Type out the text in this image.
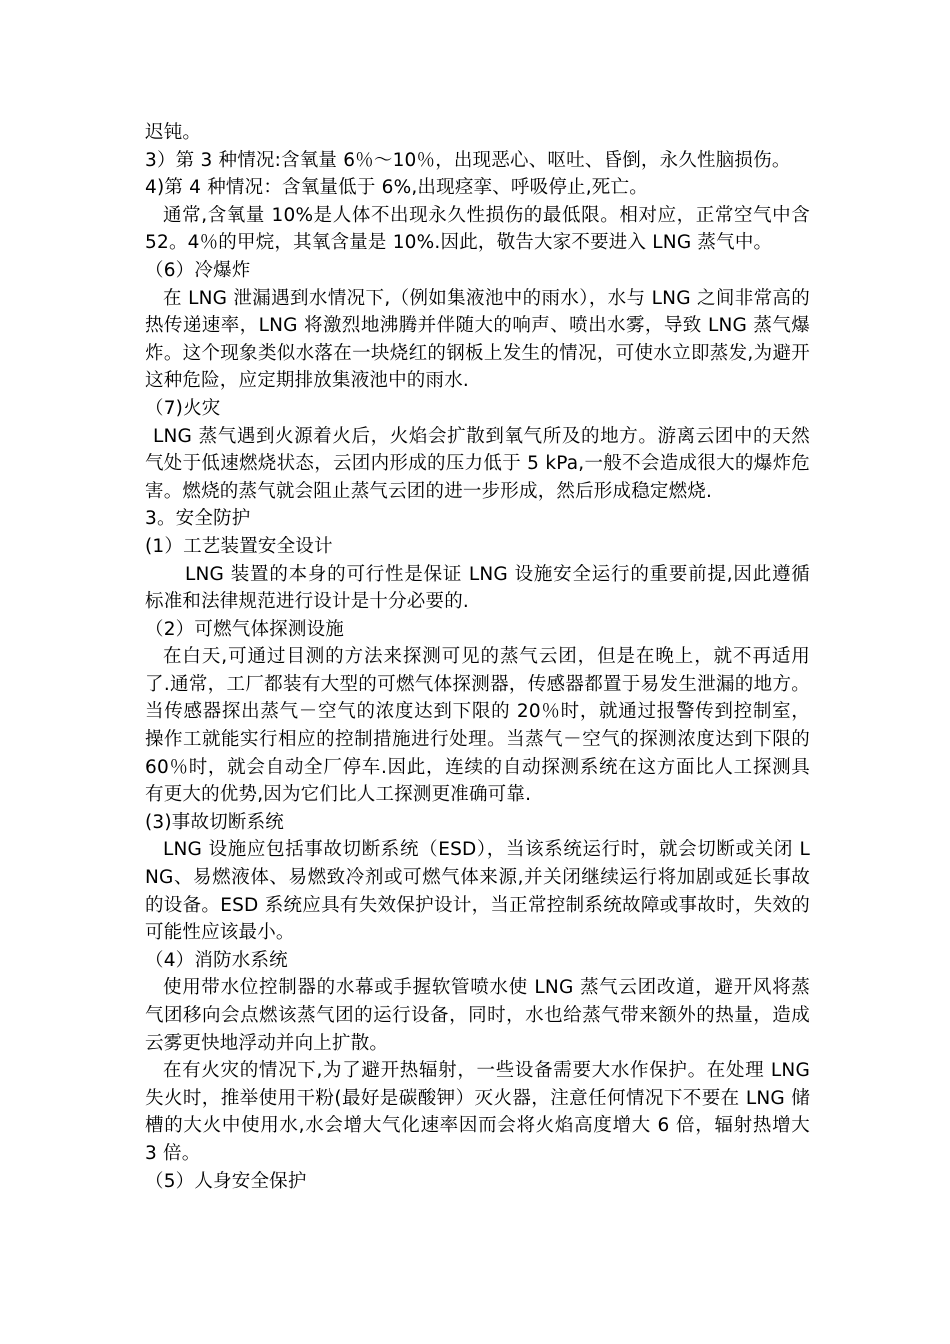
迟钝。

3）第 3 种情况:含氧量 6％～10％，出现恶心、呕吐、昏倒，永久性脑损伤。

4)第 4 种情况：含氧量低于 6%,出现痉挛、呼吸停止,死亡。

通常,含氧量 10%是人体不出现永久性损伤的最低限。相对应，正常空气中含 52。4％的甲烷，其氧含量是 10%.因此，敬告大家不要进入 LNG 蒸气中。

（6）冷爆炸

在 LNG 泄漏遇到水情况下,（例如集液池中的雨水），水与 LNG 之间非常高的热传递速率，LNG 将激烈地沸腾并伴随大的响声、喷出水雾，导致 LNG 蒸气爆炸。这个现象类似水落在一块烧红的钢板上发生的情况，可使水立即蒸发,为避开这种危险，应定期排放集液池中的雨水.

（7)火灾

LNG 蒸气遇到火源着火后，火焰会扩散到氧气所及的地方。游离云团中的天然气处于低速燃烧状态，云团内形成的压力低于 5 kPa,一般不会造成很大的爆炸危害。燃烧的蒸气就会阻止蒸气云团的进一步形成，然后形成稳定燃烧.

3。安全防护

(1）工艺装置安全设计

LNG 装置的本身的可行性是保证 LNG 设施安全运行的重要前提,因此遵循标准和法律规范进行设计是十分必要的.

（2）可燃气体探测设施

在白天,可通过目测的方法来探测可见的蒸气云团，但是在晚上，就不再适用了.通常，工厂都装有大型的可燃气体探测器，传感器都置于易发生泄漏的地方。当传感器探出蒸气－空气的浓度达到下限的 20％时，就通过报警传到控制室，操作工就能实行相应的控制措施进行处理。当蒸气－空气的探测浓度达到下限的 60％时，就会自动全厂停车.因此，连续的自动探测系统在这方面比人工探测具有更大的优势,因为它们比人工探测更准确可靠.

(3)事故切断系统

LNG 设施应包括事故切断系统（ESD），当该系统运行时，就会切断或关闭 LNG、易燃液体、易燃致冷剂或可燃气体来源,并关闭继续运行将加剧或延长事故的设备。ESD 系统应具有失效保护设计，当正常控制系统故障或事故时，失效的可能性应该最小。

（4）消防水系统

使用带水位控制器的水幕或手握软管喷水使 LNG 蒸气云团改道，避开风将蒸气团移向会点燃该蒸气团的运行设备，同时，水也给蒸气带来额外的热量，造成云雾更快地浮动并向上扩散。

在有火灾的情况下,为了避开热辐射，一些设备需要大水作保护。在处理 LNG 失火时，推举使用干粉(最好是碳酸钾）灭火器，注意任何情况下不要在 LNG 储槽的大火中使用水,水会增大气化速率因而会将火焰高度增大 6 倍，辐射热增大 3 倍。

（5）人身安全保护
